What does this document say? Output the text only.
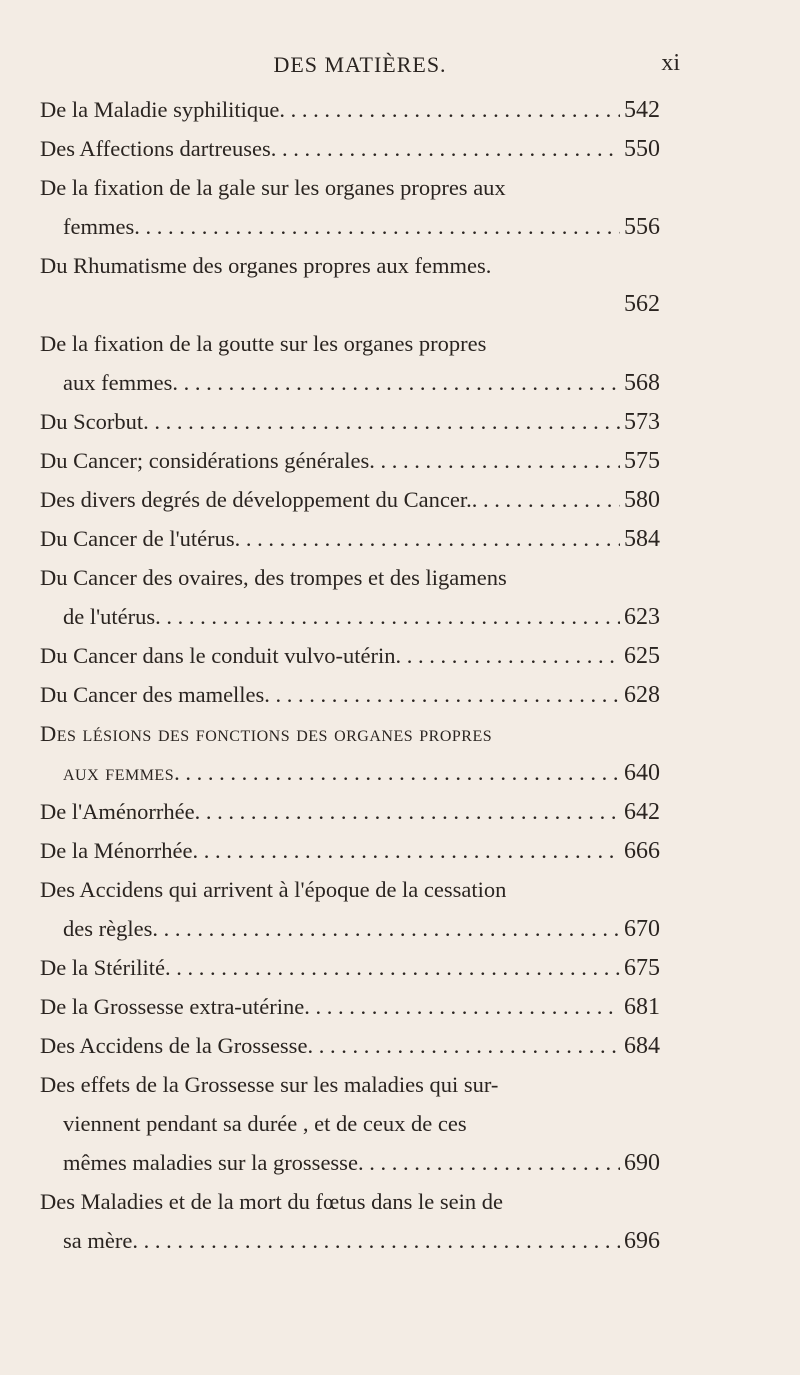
DES MATIÈRES.	xi
De la Maladie syphilitique . . .	542
Des Affections dartreuses . . .	550
De la fixation de la gale sur les organes propres aux
femmes . . .	556
Du Rhumatisme des organes propres aux femmes.
562
De la fixation de la goutte sur les organes propres
aux femmes . . .	568
Du Scorbut . . .	573
Du Cancer; considérations générales . . .	575
Des divers degrés de développement du Cancer. . . .	580
Du Cancer de l'utérus . . .	584
Du Cancer des ovaires, des trompes et des ligamens
de l'utérus . . .	623
Du Cancer dans le conduit vulvo-utérin . . .	625
Du Cancer des mamelles . . .	628
Des lésions des fonctions des organes propres
aux femmes . . .	640
De l'Aménorrhée . . .	642
De la Ménorrhée . . .	666
Des Accidens qui arrivent à l'époque de la cessation
des règles . . .	670
De la Stérilité . . .	675
De la Grossesse extra-utérine . . .	681
Des Accidens de la Grossesse . . .	684
Des effets de la Grossesse sur les maladies qui sur-
viennent pendant sa durée , et de ceux de ces
mêmes maladies sur la grossesse . . .	690
Des Maladies et de la mort du fœtus dans le sein de
sa mère . . .	696
